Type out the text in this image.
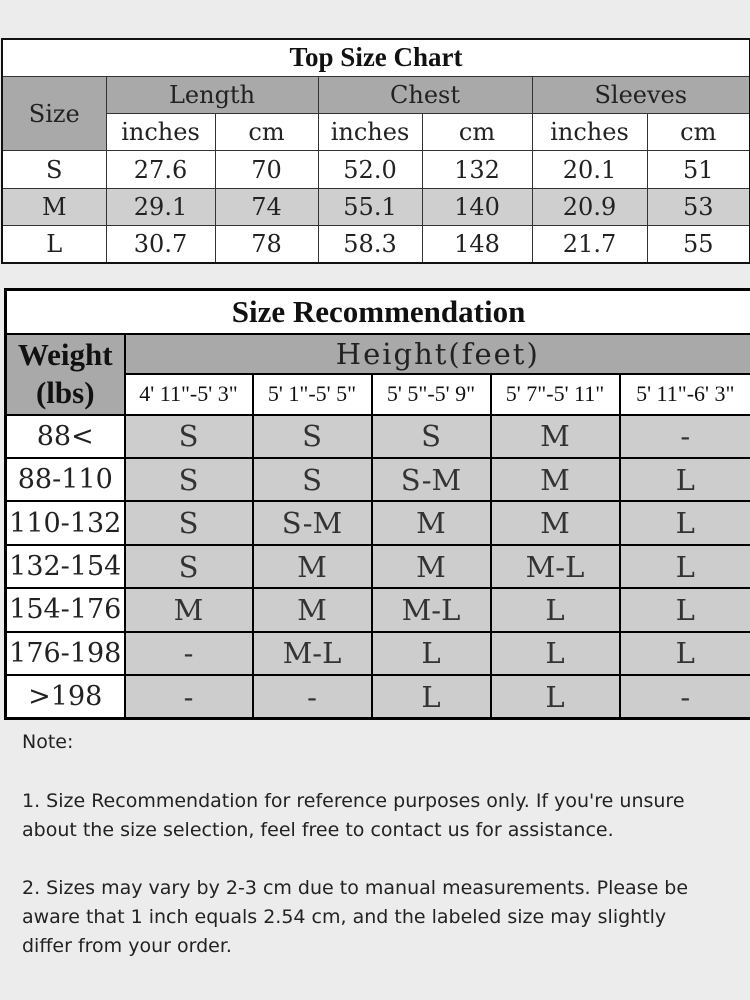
Top Size Chart						
Size	Length		Chest		Sleeves	
	inches	cm	inches	cm	inches	cm
S	27.6	70	52.0	132	20.1	51
M	29.1	74	55.1	140	20.9	53
L	30.7	78	58.3	148	21.7	55
Size Recommendation					
Weight (lbs)	Height(feet)				
	4' 11"-5' 3"	5' 1"-5' 5"	5' 5"-5' 9"	5' 7"-5' 11"	5' 11"-6' 3"
88<	S	S	S	M	-
88-110	S	S	S-M	M	L
110-132	S	S-M	M	M	L
132-154	S	M	M	M-L	L
154-176	M	M	M-L	L	L
176-198	-	M-L	L	L	L
>198	-	-	L	L	-

Note:

1. Size Recommendation for reference purposes only. If you're unsure about the size selection, feel free to contact us for assistance.

2. Sizes may vary by 2-3 cm due to manual measurements. Please be aware that 1 inch equals 2.54 cm, and the labeled size may slightly differ from your order.
